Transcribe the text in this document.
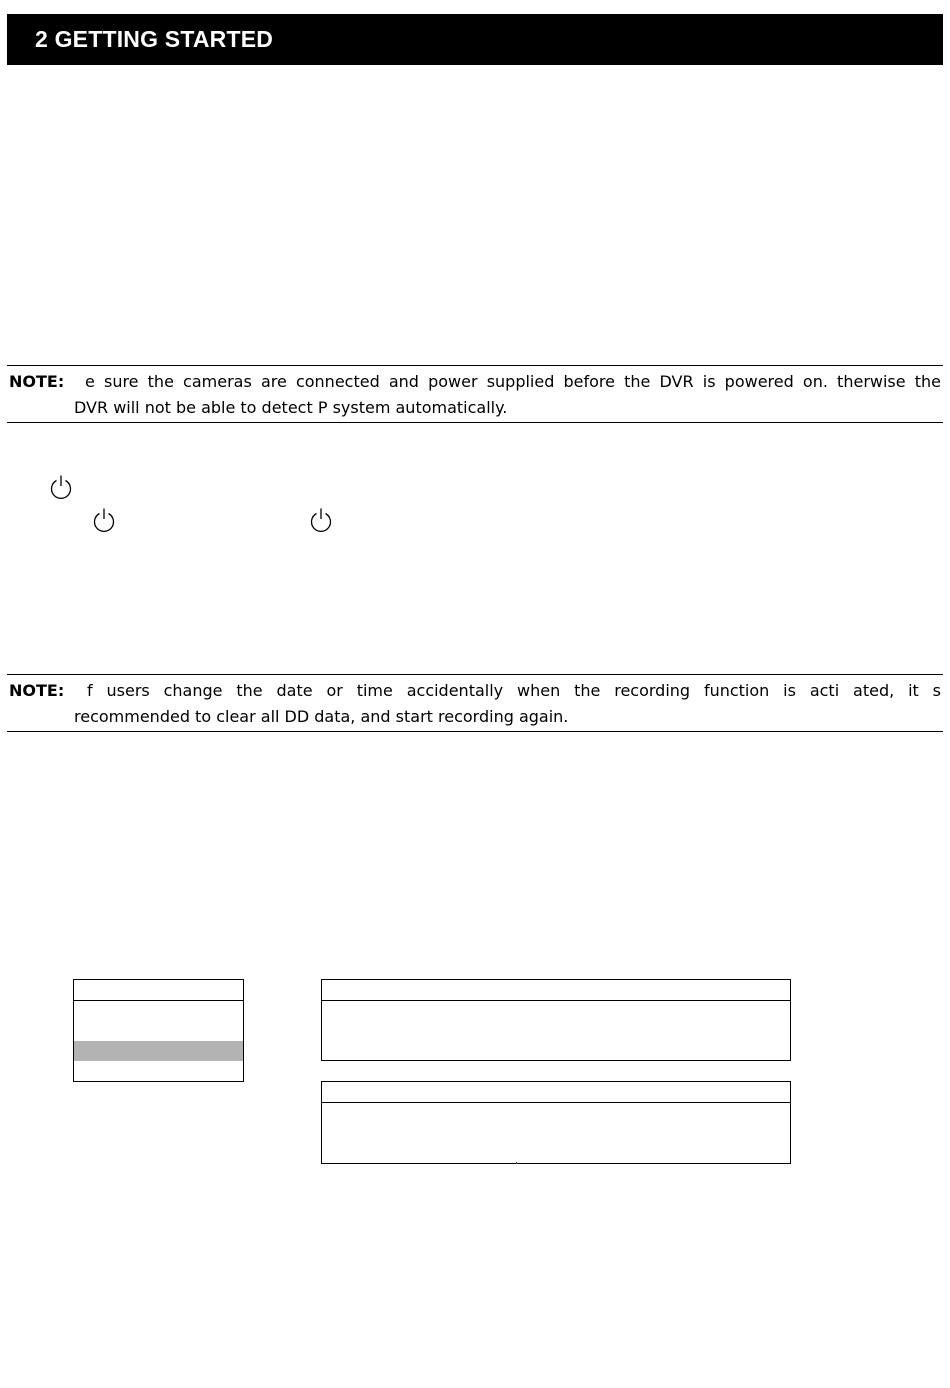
2 GETTING STARTED
NOTE: e sure the cameras are connected and power supplied before the DVR is powered on. therwise the
DVR will not be able to detect P system automatically.
NOTE: f users change the date or time accidentally when the recording function is acti ated, it s
recommended to clear all DD data, and start recording again.
